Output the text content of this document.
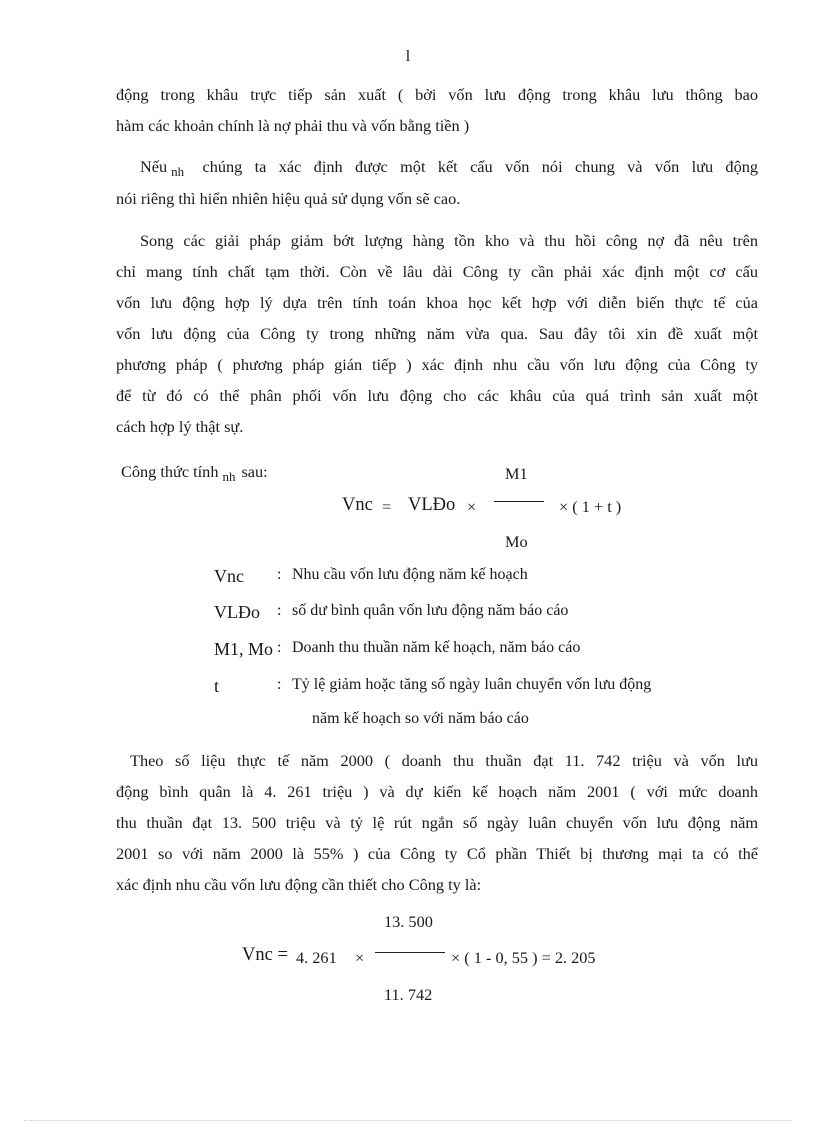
l
động trong khâu trực tiếp sản xuất ( bởi vốn lưu động trong khâu lưu thông bao
hàm các khoản chính là nợ phải thu và vốn bằng tiền )
Nếu $_{nh}$ chúng ta xác định được một kết cấu vốn nói chung và vốn lưu động
nói riêng thì hiển nhiên hiệu quả sử dụng vốn sẽ cao.
Song các giải pháp giảm bớt lượng hàng tồn kho và thu hồi công nợ đã nêu trên
chỉ mang tính chất tạm thời. Còn về lâu dài Công ty cần phải xác định một cơ cấu
vốn lưu động hợp lý dựa trên tính toán khoa học kết hợp với diễn biến thực tế của
vốn lưu động của Công ty trong những năm vừa qua. Sau đây tôi xin đề xuất một
phương pháp ( phương pháp gián tiếp ) xác định nhu cầu vốn lưu động của Công ty
để từ đó có thể phân phối vốn lưu động cho các khâu của quá trình sản xuất một
cách hợp lý thật sự.
Công thức tính $_{nh}$ sau:	M1
Vnc = VLĐo ×	× ( 1 + t )
Mo
Vnc : Nhu cầu vốn lưu động năm kế hoạch
VLĐo : số dư bình quân vốn lưu động năm báo cáo
M1, Mo : Doanh thu thuần năm kế hoạch, năm báo cáo
t	: Tỷ lệ giảm hoặc tăng số ngày luân chuyển vốn lưu động
năm kế hoạch so với năm báo cáo
Theo số liệu thực tế năm 2000 ( doanh thu thuần đạt 11. 742 triệu và vốn lưu
động bình quân là 4. 261 triệu ) và dự kiến kế hoạch năm 2001 ( với mức doanh
thu thuần đạt 13. 500 triệu và tỷ lệ rút ngắn số ngày luân chuyển vốn lưu động năm
2001 so với năm 2000 là 55% ) của Công ty Cổ phần Thiết bị thương mại ta có thể
xác định nhu cầu vốn lưu động cần thiết cho Công ty là:
13. 500
Vnc = 4. 261 ×	× ( 1 - 0, 55 ) = 2. 205
11. 742
